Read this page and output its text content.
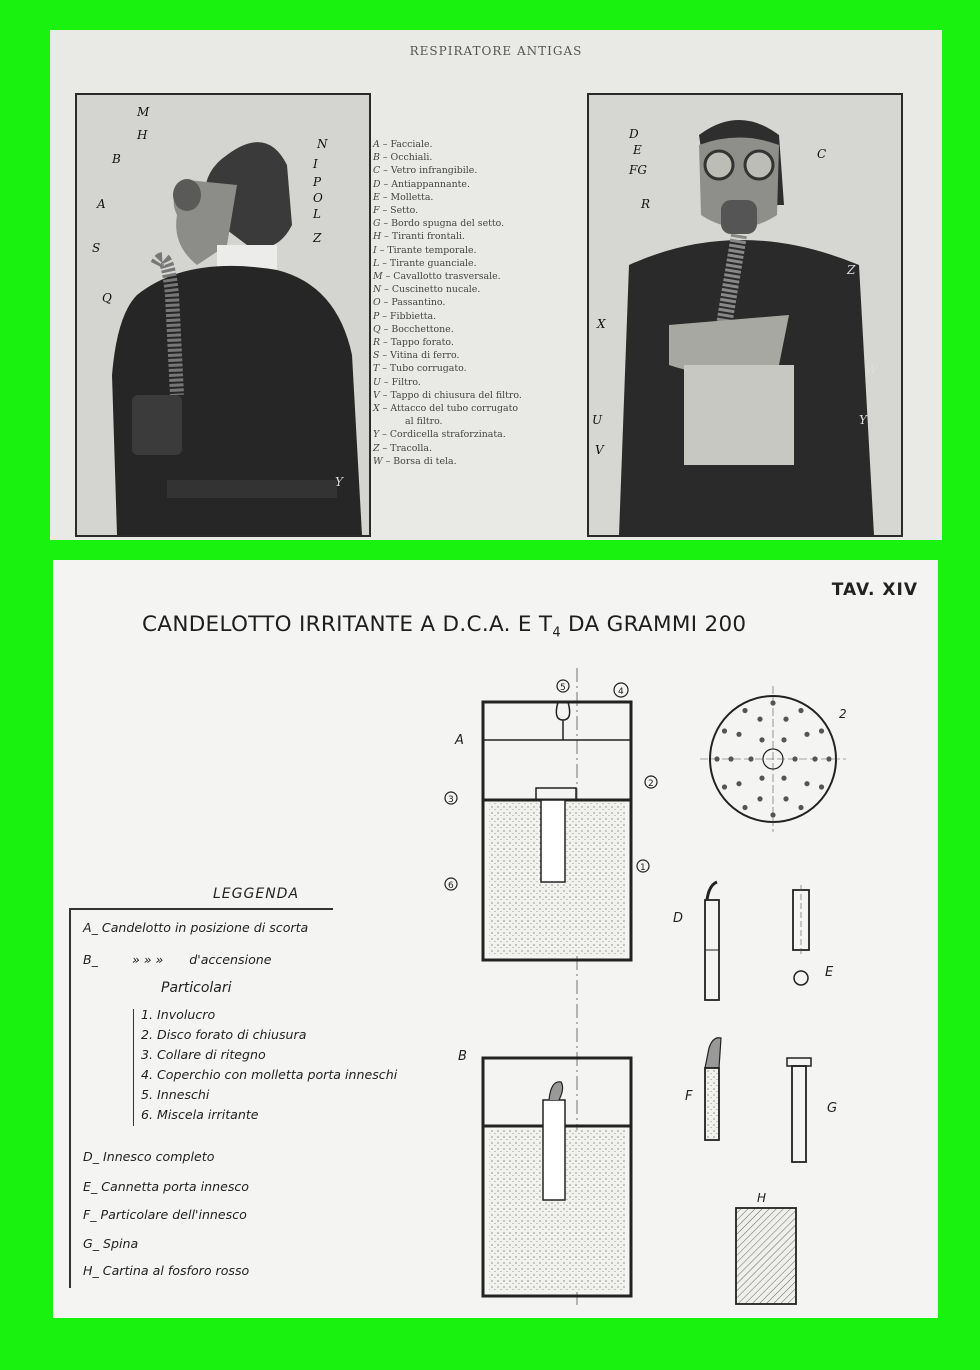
RESPIRATORE ANTIGAS
M
H
B
A
S
Q
N
I
P
O
L
Z
Y
A – Facciale.
B – Occhiali.
C – Vetro infrangibile.
D – Antiappannante.
E – Molletta.
F – Setto.
G – Bordo spugna del setto.
H – Tiranti frontali.
I – Tirante temporale.
L – Tirante guanciale.
M – Cavallotto trasversale.
N – Cuscinetto nucale.
O – Passantino.
P – Fibbietta.
Q – Bocchettone.
R – Tappo forato.
S – Vitina di ferro.
T – Tubo corrugato.
U – Filtro.
V – Tappo di chiusura del filtro.
X – Attacco del tubo corrugato
al filtro.
Y – Cordicella straforzinata.
Z – Tracolla.
W – Borsa di tela.
D
E
FG
R
C
Z
X
W
U	Y
V
TAV. XIV
CANDELOTTO IRRITANTE A D.C.A. E $T_4$ DA GRAMMI 200
LEGGENDA
A_ Candelotto in posizione di scorta
B_	» » » d'accensione
Particolari
1. Involucro
2. Disco forato di chiusura
3. Collare di ritegno
4. Coperchio con molletta porta inneschi
5. Inneschi
6. Miscela irritante
D_ Innesco completo
E_ Cannetta porta innesco
F_ Particolare dell'innesco
G_ Spina
H_ Cartina al fosforo rosso
A
B
D
E
F
G
H
5	4
2
3
1
6
2
